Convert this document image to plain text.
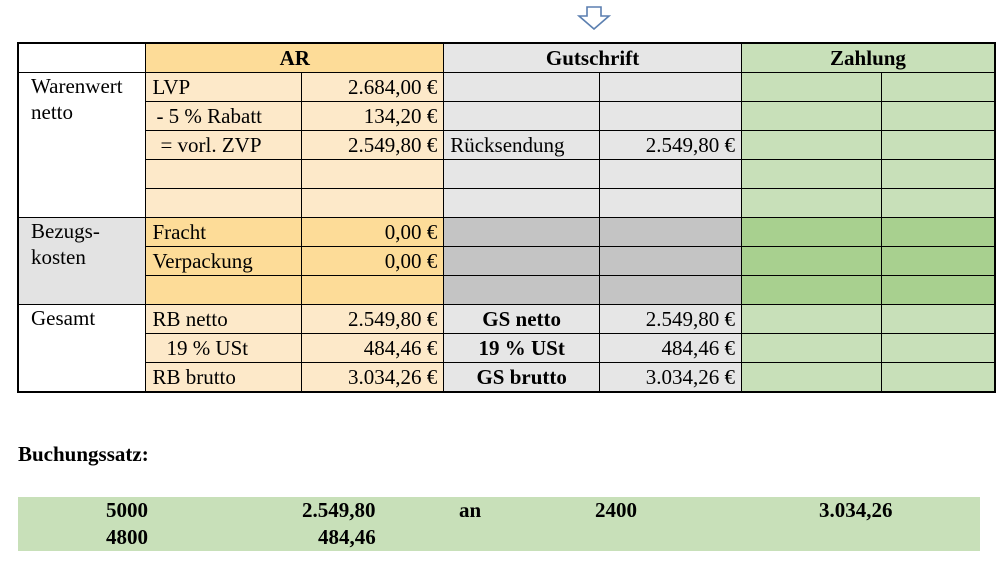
	AR		Gutschrift		Zahlung	

Warenwert
netto	LVP	2.684,00 €				
	- 5 % Rabatt	134,20 €				
	= vorl. ZVP	2.549,80 €	Rücksendung	2.549,80 €		

Bezugs-
kosten	Fracht	0,00 €				
	Verpackung	0,00 €				

Gesamt	RB netto	2.549,80 €	GS netto	2.549,80 €		
	19 % USt	484,46 €	19 % USt	484,46 €		
	RB brutto	3.034,26 €	GS brutto	3.034,26 €		
Buchungssatz:
5000	2.549,80	an	2400	3.034,26
4800	484,46
